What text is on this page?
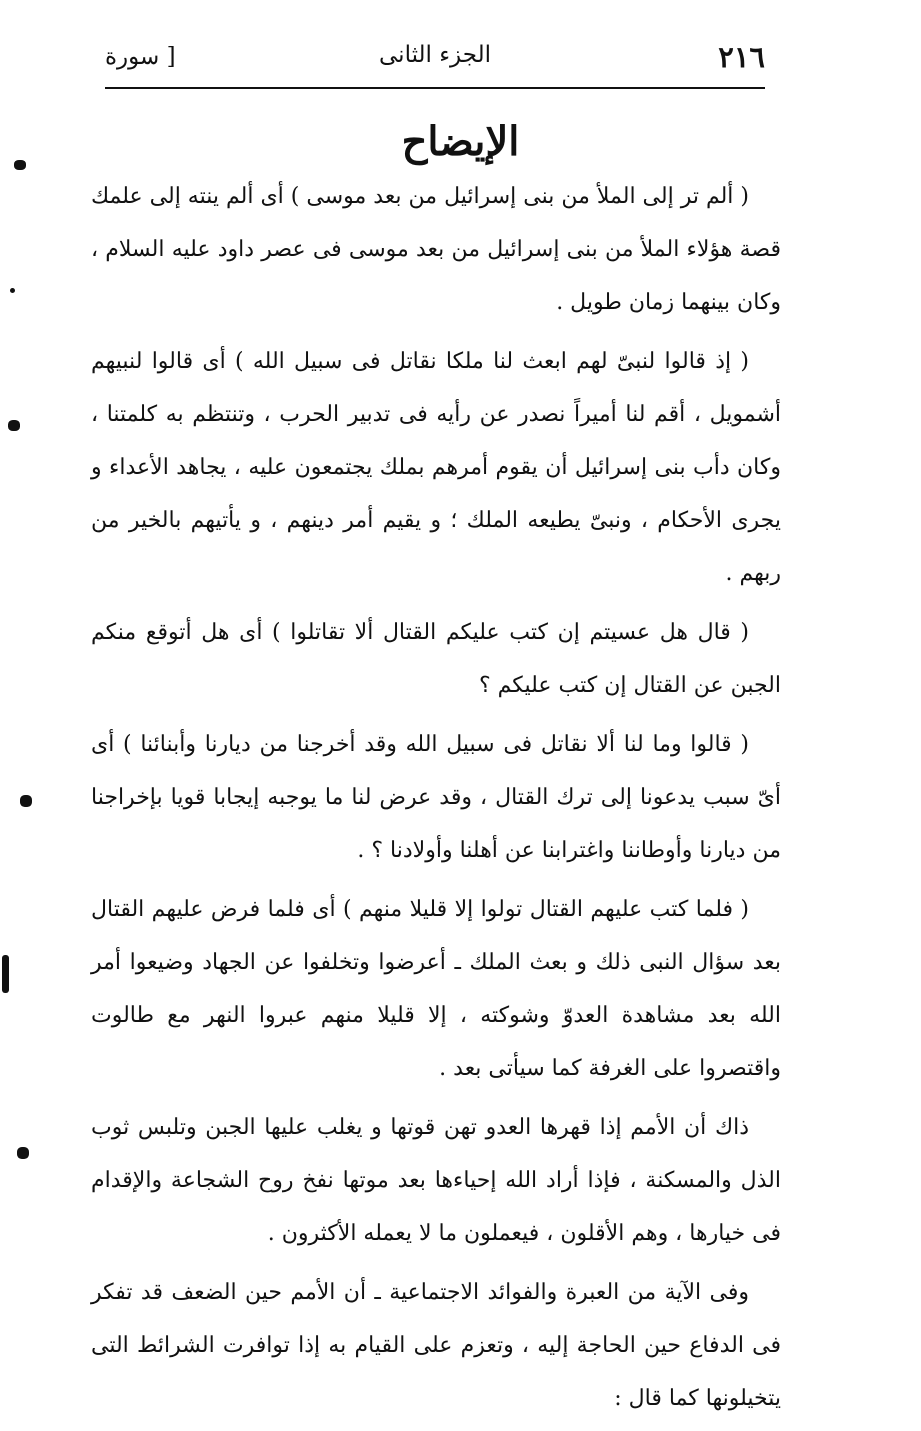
٢١٦
الجزء الثانى
[ سورة
الإيضاح

( ألم تر إلى الملأ من بنى إسرائيل من بعد موسى ) أى ألم ينته إلى علمك قصة هؤلاء الملأ من بنى إسرائيل من بعد موسى فى عصر داود عليه السلام ، وكان بينهما زمان طويل .

( إذ قالوا لنبىّ لهم ابعث لنا ملكا نقاتل فى سبيل الله ) أى قالوا لنبيهم أشمويل ، أقم لنا أميراً نصدر عن رأيه فى تدبير الحرب ، وتنتظم به كلمتنا ، وكان دأب بنى إسرائيل أن يقوم أمرهم بملك يجتمعون عليه ، يجاهد الأعداء و يجرى الأحكام ، ونبىّ يطيعه الملك ؛ و يقيم أمر دينهم ، و يأتيهم بالخير من ربهم .

( قال هل عسيتم إن كتب عليكم القتال ألا تقاتلوا ) أى هل أتوقع منكم الجبن عن القتال إن كتب عليكم ؟

( قالوا وما لنا ألا نقاتل فى سبيل الله وقد أخرجنا من ديارنا وأبنائنا ) أى أىّ سبب يدعونا إلى ترك القتال ، وقد عرض لنا ما يوجبه إيجابا قويا بإخراجنا من ديارنا وأوطاننا واغترابنا عن أهلنا وأولادنا ؟ .

( فلما كتب عليهم القتال تولوا إلا قليلا منهم ) أى فلما فرض عليهم القتال بعد سؤال النبى ذلك و بعث الملك ـ أعرضوا وتخلفوا عن الجهاد وضيعوا أمر الله بعد مشاهدة العدوّ وشوكته ، إلا قليلا منهم عبروا النهر مع طالوت واقتصروا على الغرفة كما سيأتى بعد .

ذاك أن الأمم إذا قهرها العدو تهن قوتها و يغلب عليها الجبن وتلبس ثوب الذل والمسكنة ، فإذا أراد الله إحياءها بعد موتها نفخ روح الشجاعة والإقدام فى خيارها ، وهم الأقلون ، فيعملون ما لا يعمله الأكثرون .

وفى الآية من العبرة والفوائد الاجتماعية ـ أن الأمم حين الضعف قد تفكر فى الدفاع حين الحاجة إليه ، وتعزم على القيام به إذا توافرت الشرائط التى يتخيلونها كما قال :
